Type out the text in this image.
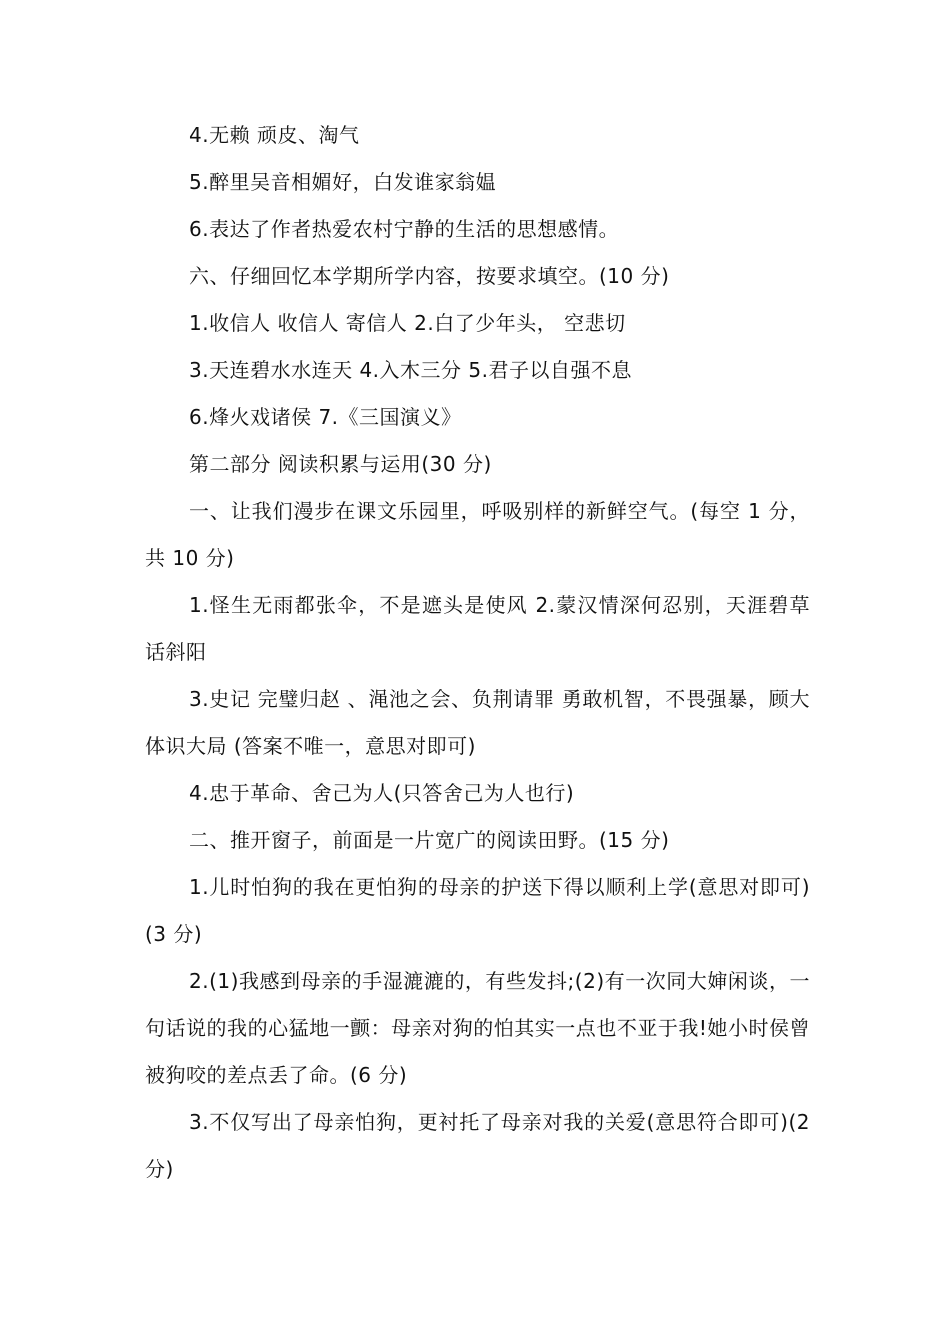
4.无赖 顽皮、淘气

5.醉里吴音相媚好，白发谁家翁媪

6.表达了作者热爱农村宁静的生活的思想感情。

六、仔细回忆本学期所学内容，按要求填空。(10 分)

1.收信人 收信人 寄信人 2.白了少年头， 空悲切

3.天连碧水水连天 4.入木三分 5.君子以自强不息

6.烽火戏诸侯 7.《三国演义》

第二部分 阅读积累与运用(30 分)

一、让我们漫步在课文乐园里，呼吸别样的新鲜空气。(每空 1 分，共 10 分)

1.怪生无雨都张伞，不是遮头是使风 2.蒙汉情深何忍别，天涯碧草话斜阳

3.史记 完璧归赵 、渑池之会、负荆请罪 勇敢机智，不畏强暴，顾大体识大局 (答案不唯一，意思对即可)

4.忠于革命、舍己为人(只答舍己为人也行)

二、推开窗子，前面是一片宽广的阅读田野。(15 分)

1.儿时怕狗的我在更怕狗的母亲的护送下得以顺利上学(意思对即可)(3 分)

2.(1)我感到母亲的手湿漉漉的，有些发抖;(2)有一次同大婶闲谈，一句话说的我的心猛地一颤：母亲对狗的怕其实一点也不亚于我!她小时侯曾被狗咬的差点丢了命。(6 分)

3.不仅写出了母亲怕狗，更衬托了母亲对我的关爱(意思符合即可)(2 分)
